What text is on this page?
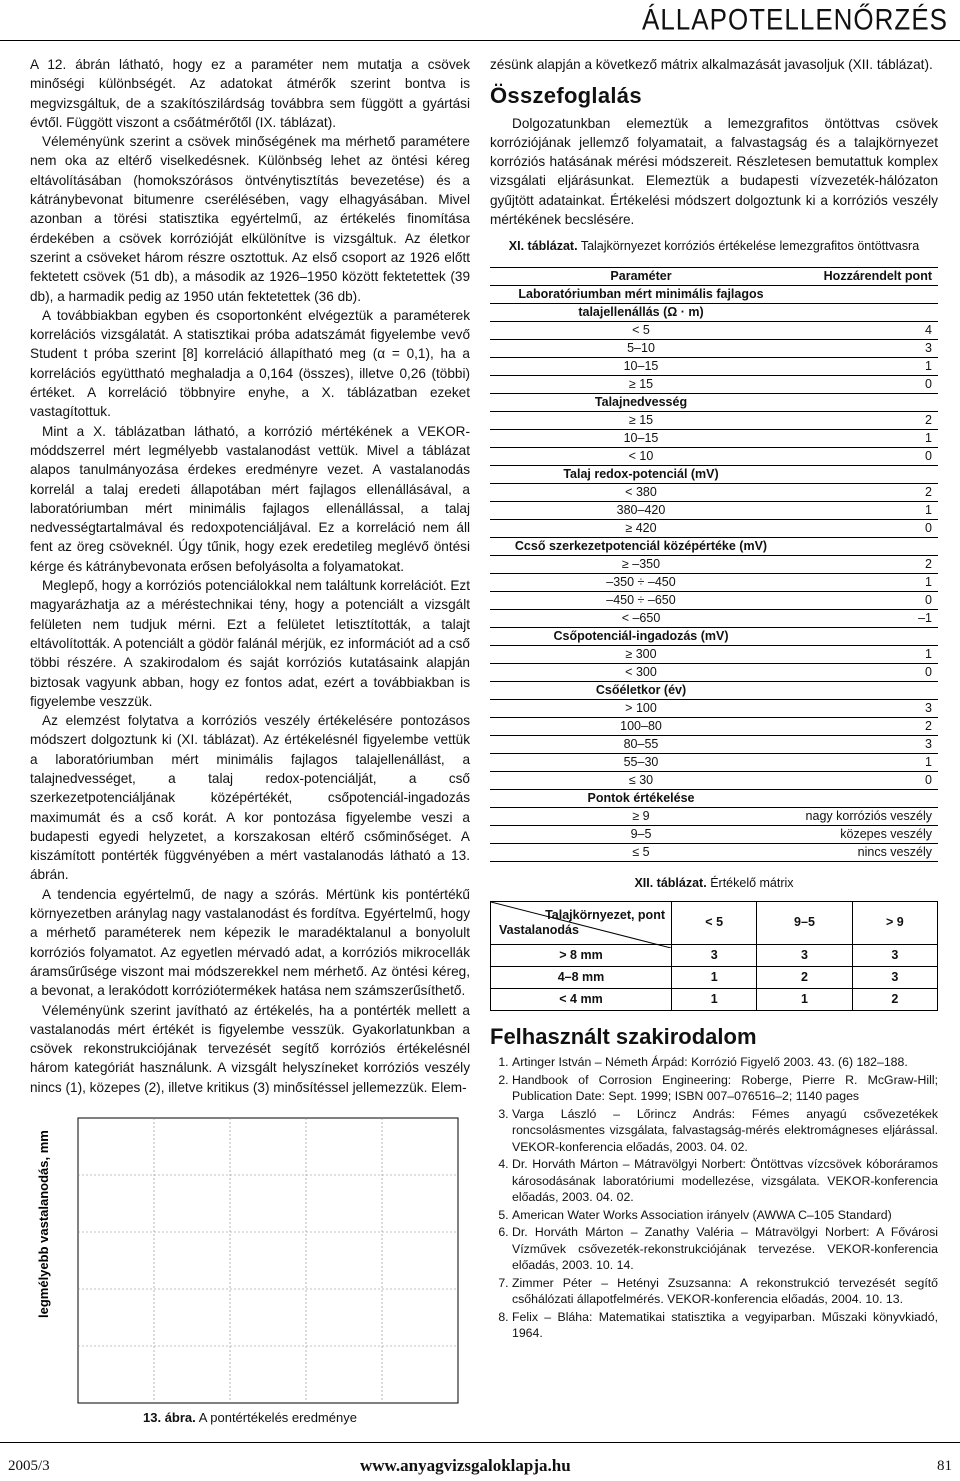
ÁLLAPOTELLENŐRZÉS

A 12. ábrán látható, hogy ez a paraméter nem mutatja a csövek minőségi különbségét. Az adatokat átmérők szerint bontva is megvizsgáltuk, de a szakítószilárdság továbbra sem függött a gyártási évtől. Függött viszont a csőátmérőtől (IX. táblázat).

Véleményünk szerint a csövek minőségének ma mérhető paramétere nem oka az eltérő viselkedésnek. Különbség lehet az öntési kéreg eltávolításában (homokszórásos öntvénytisztítás bevezetése) és a kátránybevonat bitumenre cserélésében, vagy elhagyásában. Mivel azonban a törési statisztika egyértelmű, az értékelés finomítása érdekében a csövek korrózióját elkülönítve is vizsgáltuk. Az életkor szerint a csöveket három részre osztottuk. Az első csoport az 1926 előtt fektetett csövek (51 db), a második az 1926–1950 között fektetettek (39 db), a harmadik pedig az 1950 után fektetettek (36 db).

A továbbiakban egyben és csoportonként elvégeztük a paraméterek korrelációs vizsgálatát. A statisztikai próba adatszámát figyelembe vevő Student t próba szerint [8] korreláció állapítható meg (α = 0,1), ha a korrelációs együttható meghaladja a 0,164 (összes), illetve 0,26 (többi) értéket. A korreláció többnyire enyhe, a X. táblázatban ezeket vastagítottuk.

Mint a X. táblázatban látható, a korrózió mértékének a VEKOR-móddszerrel mért legmélyebb vastalanodást vettük. Mivel a táblázat alapos tanulmányozása érdekes eredményre vezet. A vastalanodás korrelál a talaj eredeti állapotában mért fajlagos ellenállásával, a laboratóriumban mért minimális fajlagos ellenállással, a talaj nedvességtartalmával és redoxpotenciáljával. Ez a korreláció nem áll fent az öreg csöveknél. Úgy tűnik, hogy ezek eredetileg meglévő öntési kérge és kátránybevonata erősen befolyásolta a folyamatokat.

Meglepő, hogy a korróziós potenciálokkal nem találtunk korrelációt. Ezt magyarázhatja az a méréstechnikai tény, hogy a potenciált a vizsgált felületen nem tudjuk mérni. Ezt a felületet letisztították, a talajt eltávolították. A potenciált a gödör falánál mérjük, ez információt ad a cső többi részére. A szakirodalom és saját korróziós kutatásaink alapján biztosak vagyunk abban, hogy ez fontos adat, ezért a továbbiakban is figyelembe veszzük.

Az elemzést folytatva a korróziós veszély értékelésére pontozásos módszert dolgoztunk ki (XI. táblázat). Az értékelésnél figyelembe vettük a laboratóriumban mért minimális fajlagos talajellenállást, a talajnedvességet, a talaj redox-potenciálját, a cső szerkezetpotenciáljának középértékét, csőpotenciál-ingadozás maximumát és a cső korát. A kor pontozása figyelembe veszi a budapesti egyedi helyzetet, a korszakosan eltérő csőminőséget. A kiszámított pontérték függvényében a mért vastalanodás látható a 13. ábrán.

A tendencia egyértelmű, de nagy a szórás. Mértünk kis pontértékű környezetben aránylag nagy vastalanodást és fordítva. Egyértelmű, hogy a mérhető paraméterek nem képezik le maradéktalanul a bonyolult korróziós folyamatot. Az egyetlen mérvadó adat, a korróziós mikrocellák áramsűrűsége viszont mai módszerekkel nem mérhető. Az öntési kéreg, a bevonat, a lerakódott korróziótermékek hatása nem számszerűsíthető.

Véleményünk szerint javítható az értékelés, ha a pontérték mellett a vastalanodás mért értékét is figyelembe vesszük. Gyakorlatunkban a csövek rekonstrukciójának tervezését segítő korróziós értékelésnél három kategóriát használunk. A vizsgált helyszíneket korróziós veszély nincs (1), közepes (2), illetve kritikus (3) minősítéssel jellemezzük. Elem-

legmélyebb vastalanodás, mm
13. ábra. A pontértékelés eredménye

zésünk alapján a következő mátrix alkalmazását javasoljuk (XII. táblázat).

Összefoglalás

Dolgozatunkban elemeztük a lemezgrafitos öntöttvas csövek korróziójának jellemző folyamatait, a falvastagság és a talajkörnyezet korróziós hatásának mérési módszereit. Részletesen bemutattuk komplex vizsgálati eljárásunkat. Elemeztük a budapesti vízvezeték-hálózaton gyűjtött adatainkat. Értékelési módszert dolgoztunk ki a korróziós veszély mértékének becslésére.

XI. táblázat. Talajkörnyezet korróziós értékelése lemezgrafitos öntöttvasra
Paraméter	Hozzárendelt pont
Laboratóriumban mért minimális fajlagos	
talajellenállás (Ω · m)	
< 5	4
5–10	3
10–15	1
≥ 15	0
Talajnedvesség	
≥ 15	2
10–15	1
< 10	0
Talaj redox-potenciál (mV)	
< 380	2
380–420	1
≥ 420	0
Ccső szerkezetpotenciál középértéke (mV)	
≥ –350	2
–350 ÷ –450	1
–450 ÷ –650	0
< –650	–1
Csőpotenciál-ingadozás (mV)	
≥ 300	1
< 300	0
Csőéletkor (év)	
> 100	3
100–80	2
80–55	3
55–30	1
≤ 30	0
Pontok értékelése	
≥ 9	nagy korróziós veszély
9–5	közepes veszély
≤ 5	nincs veszély
XII. táblázat. Értékelő mátrix
Talajkörnyezet, pont
Vastalanodás	< 5	9–5	> 9

> 8 mm	3	3	3
4–8 mm	1	2	3
< 4 mm	1	1	2
Felhasznált szakirodalom
1. Artinger István – Németh Árpád: Korrózió Figyelő 2003. 43. (6) 182–188.
2. Handbook of Corrosion Engineering: Roberge, Pierre R. McGraw-Hill; Publication Date: Sept. 1999; ISBN 007–076516–2; 1140 pages
3. Varga László – Lőrincz András: Fémes anyagú csővezetékek roncsolásmentes vizsgálata, falvastagság-mérés elektromágneses eljárással. VEKOR-konferencia előadás, 2003. 04. 02.
4. Dr. Horváth Márton – Mátravölgyi Norbert: Öntöttvas vízcsövek kóboráramos károsodásának laboratóriumi modellezése, vizsgálata. VEKOR-konferencia előadás, 2003. 04. 02.
5. American Water Works Association irányelv (AWWA C–105 Standard)
6. Dr. Horváth Márton – Zanathy Valéria – Mátravölgyi Norbert: A Fővárosi Vízművek csővezeték-rekonstrukciójának tervezése. VEKOR-konferencia előadás, 2003. 10. 14.
7. Zimmer Péter – Hetényi Zsuzsanna: A rekonstrukció tervezését segítő csőhálózati állapotfelmérés. VEKOR-konferencia előadás, 2004. 10. 13.
8. Felix – Bláha: Matematikai statisztika a vegyiparban. Műszaki könyvkiadó, 1964.
2005/3	www.anyagvizsgaloklapja.hu	81
